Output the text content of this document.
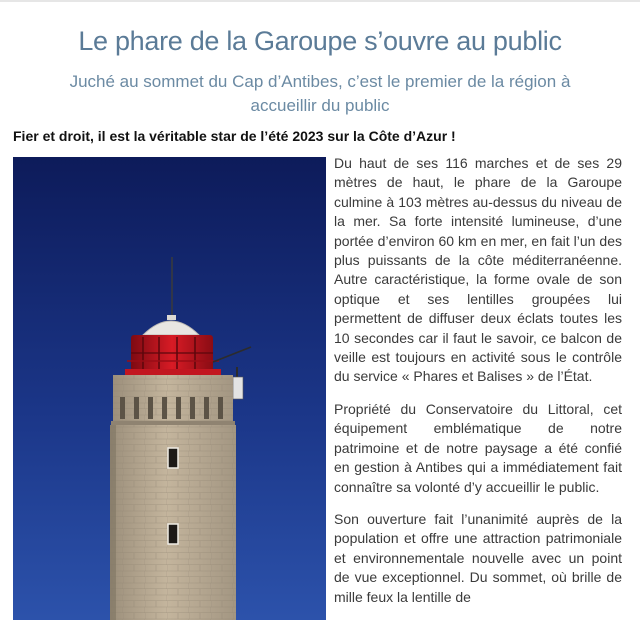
Le phare de la Garoupe s’ouvre au public
Juché au sommet du Cap d’Antibes, c’est le premier de la région à accueillir du public

Fier et droit, il est la véritable star de l’été 2023 sur la Côte d’Azur !

Du haut de ses 116 marches et de ses 29 mètres de haut, le phare de la Garoupe culmine à 103 mètres au-dessus du niveau de la mer. Sa forte intensité lumineuse, d’une portée d’environ 60 km en mer, en fait l’un des plus puissants de la côte méditerranéenne. Autre caractéristique, la forme ovale de son optique et ses lentilles groupées lui permettent de diffuser deux éclats toutes les 10 secondes car il faut le savoir, ce balcon de veille est toujours en activité sous le contrôle du service « Phares et Balises » de l’État.

Propriété du Conservatoire du Littoral, cet équipement emblématique de notre patrimoine et de notre paysage a été confié en gestion à Antibes qui a immédiatement fait connaître sa volonté d’y accueillir le public.

Son ouverture fait l’unanimité auprès de la population et offre une attraction patrimoniale et environnementale nouvelle avec un point de vue exceptionnel. Du sommet, où brille de mille feux la lentille de
